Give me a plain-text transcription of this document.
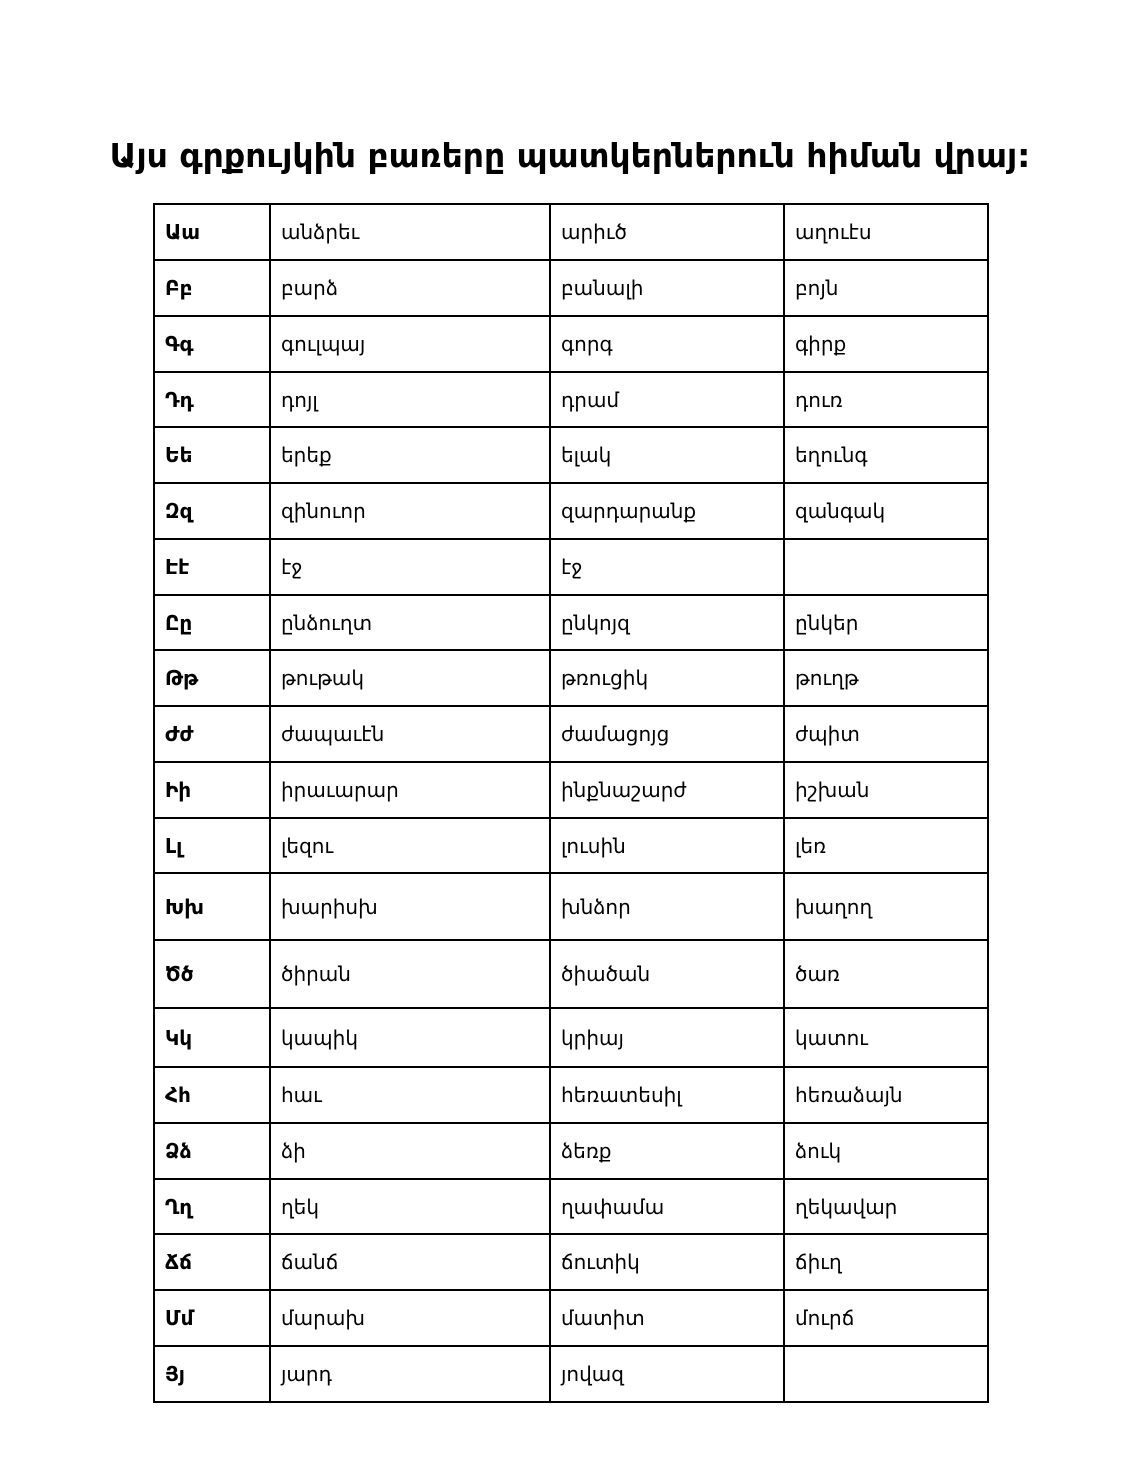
Այս գրքույկին բառերը պատկերներուն հիման վրայ:
Աա	անձրեւ	արիւծ	աղուէս
Բբ	բարձ	բանալի	բոյն
Գգ	գուլպայ	գորգ	գիրք
Դդ	դոյլ	դրամ	դուռ
Եե	երեք	ելակ	եղունգ
Զզ	զինուոր	զարդարանք	զանգակ
Էէ	էջ	էջ	
Ըը	ընձուղտ	ընկոյզ	ընկեր
Թթ	թութակ	թռուցիկ	թուղթ
Ժժ	ժապաւէն	ժամացոյց	ժպիտ
Իի	իրաւարար	ինքնաշարժ	իշխան
Լլ	լեզու	լուսին	լեռ
Խխ	խարիսխ	խնձոր	խաղող
Ծծ	ծիրան	ծիածան	ծառ
Կկ	կապիկ	կրիայ	կատու
Հհ	հաւ	հեռատեսիլ	հեռաձայն
Ձձ	ձի	ձեռք	ձուկ
Ղղ	ղեկ	ղափամա	ղեկավար
Ճճ	ճանճ	ճուտիկ	ճիւղ
Մմ	մարախ	մատիտ	մուրճ
Յյ	յարդ	յովազ	
